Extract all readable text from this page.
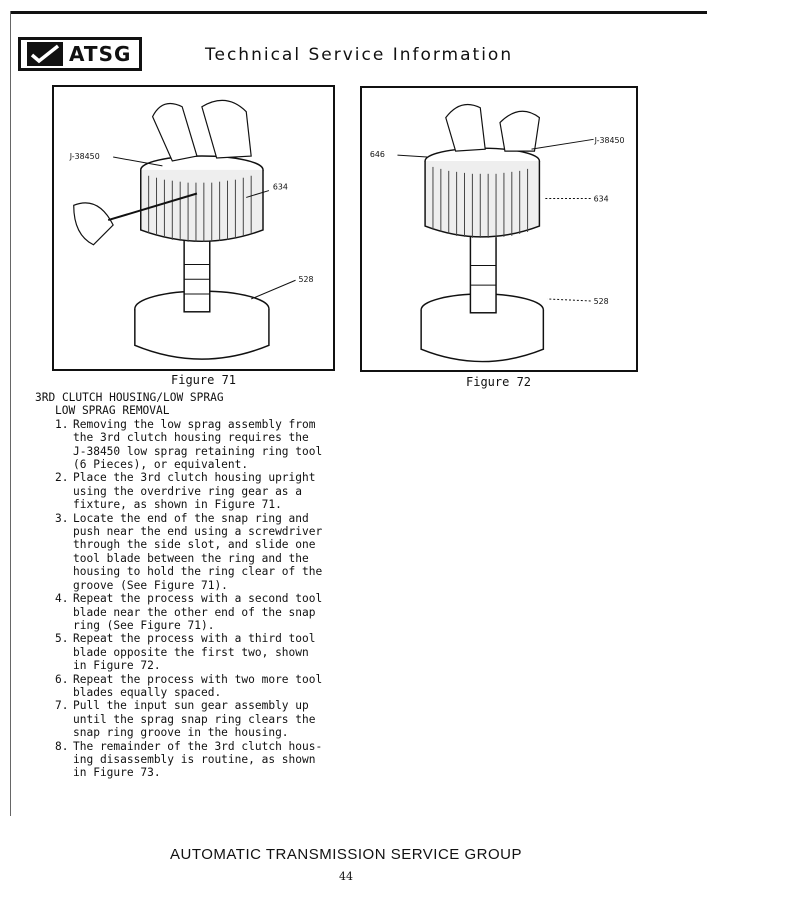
ATSG	Technical Service Information
J-38450
634
528
Figure 71
646
J-38450
634
528
Figure 72
3RD CLUTCH HOUSING/LOW SPRAG
LOW SPRAG REMOVAL
1. Removing the low sprag assembly from
the 3rd clutch housing requires the
J-38450 low sprag retaining ring tool
(6 Pieces), or equivalent.
2. Place the 3rd clutch housing upright
using the overdrive ring gear as a
fixture, as shown in Figure 71.
3. Locate the end of the snap ring and
push near the end using a screwdriver
through the side slot, and slide one
tool blade between the ring and the
housing to hold the ring clear of the
groove (See Figure 71).
4. Repeat the process with a second tool
blade near the other end of the snap
ring (See Figure 71).
5. Repeat the process with a third tool
blade opposite the first two, shown
in Figure 72.
6. Repeat the process with two more tool
blades equally spaced.
7. Pull the input sun gear assembly up
until the sprag snap ring clears the
snap ring groove in the housing.
8. The remainder of the 3rd clutch hous-
ing disassembly is routine, as shown
in Figure 73.
AUTOMATIC TRANSMISSION SERVICE GROUP
44
